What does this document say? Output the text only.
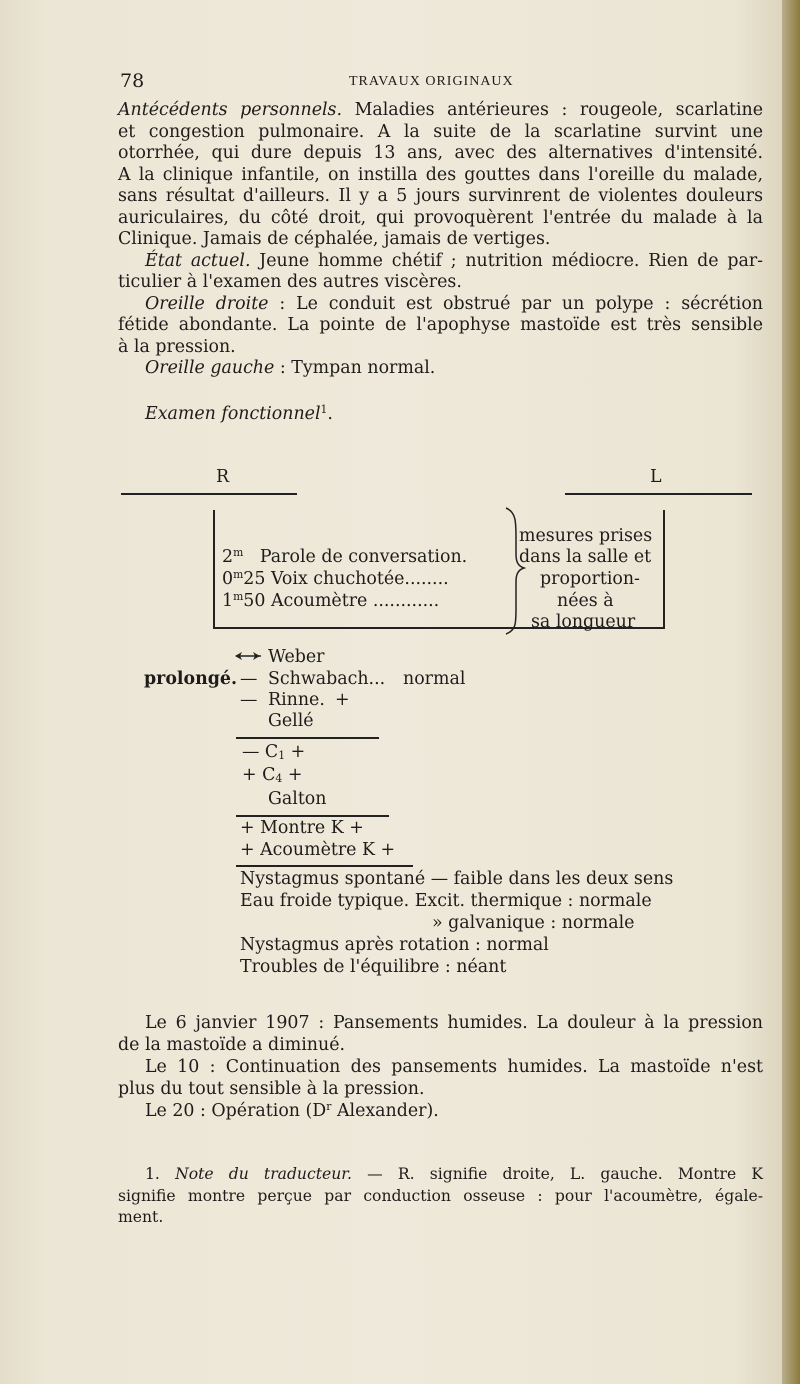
78	TRAVAUX ORIGINAUX
Antécédents personnels. Maladies antérieures : rougeole, scarlatine
et congestion pulmonaire. A la suite de la scarlatine survint une
otorrhée, qui dure depuis 13 ans, avec des alternatives d'intensité.
A la clinique infantile, on instilla des gouttes dans l'oreille du malade,
sans résultat d'ailleurs. Il y a 5 jours survinrent de violentes douleurs
auriculaires, du côté droit, qui provoquèrent l'entrée du malade à la
Clinique. Jamais de céphalée, jamais de vertiges.
État actuel. Jeune homme chétif ; nutrition médiocre. Rien de par-
ticulier à l'examen des autres viscères.
Oreille droite : Le conduit est obstrué par un polype : sécrétion
fétide abondante. La pointe de l'apophyse mastoïde est très sensible
à la pression.
Oreille gauche : Tympan normal.
Examen fonctionnel$^1$.
R	L
2$^m$ Parole de conversation.
0$^m$25 Voix chuchotée........
1$^m$50 Acoumètre ............
mesures prises
dans la salle et
proportion-
nées à
sa longueur
Weber
prolongé. — Schwabach... normal
— Rinne. +
Gellé
— $C_1$ +
+ $C_4$ +
Galton
+ Montre K +
+ Acoumètre K +
Nystagmus spontané — faible dans les deux sens
Eau froide typique. Excit. thermique : normale
» galvanique : normale
Nystagmus après rotation : normal
Troubles de l'équilibre : néant
Le 6 janvier 1907 : Pansements humides. La douleur à la pression
de la mastoïde a diminué.
Le 10 : Continuation des pansements humides. La mastoïde n'est
plus du tout sensible à la pression.
Le 20 : Opération ($D^r$ Alexander).
1. Note du traducteur. — R. signifie droite, L. gauche. Montre K
signifie montre perçue par conduction osseuse : pour l'acoumètre, égale-
ment.
